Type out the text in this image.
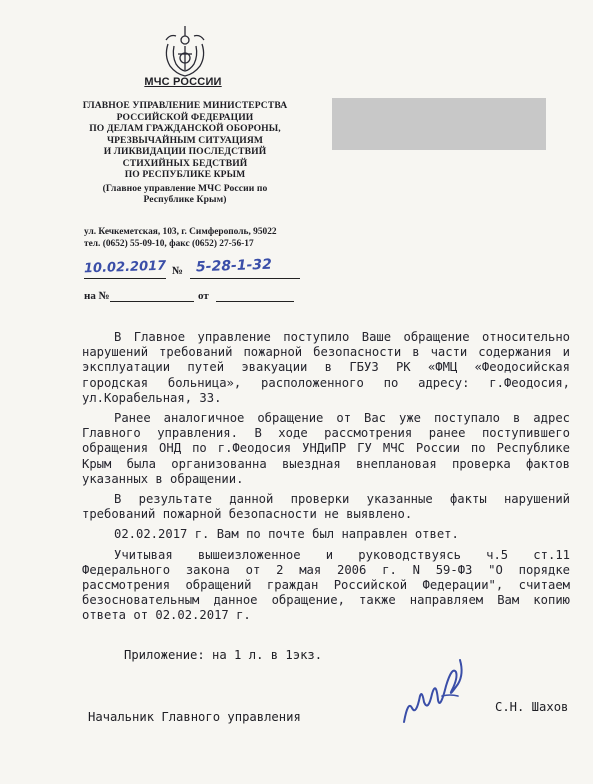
МЧС РОССИИ
ГЛАВНОЕ УПРАВЛЕНИЕ МИНИСТЕРСТВА
РОССИЙСКОЙ ФЕДЕРАЦИИ
ПО ДЕЛАМ ГРАЖДАНСКОЙ ОБОРОНЫ,
ЧРЕЗВЫЧАЙНЫМ СИТУАЦИЯМ
И ЛИКВИДАЦИИ ПОСЛЕДСТВИЙ
СТИХИЙНЫХ БЕДСТВИЙ
ПО РЕСПУБЛИКЕ КРЫМ
(Главное управление МЧС России по
Республике Крым)
ул. Кечкеметская, 103, г. Симферополь, 95022
тел. (0652) 55-09-10, факс (0652) 27-56-17
10.02.2017 № 5-28-1-32
на №	от

В Главное управление поступило Ваше обращение относительно нарушений требований пожарной безопасности в части содержания и эксплуатации путей эвакуации в ГБУЗ РК «ФМЦ «Феодосийская городская больница», расположенного по адресу: г.Феодосия, ул.Корабельная, 33.

Ранее аналогичное обращение от Вас уже поступало в адрес Главного управления. В ходе рассмотрения ранее поступившего обращения ОНД по г.Феодосия УНДиПР ГУ МЧС России по Республике Крым была организованна выездная внеплановая проверка фактов указанных в обращении.

В результате данной проверки указанные факты нарушений требований пожарной безопасности не выявлено.

02.02.2017 г. Вам по почте был направлен ответ.

Учитывая вышеизложенное и руководствуясь ч.5 ст.11 Федерального закона от 2 мая 2006 г. N 59-ФЗ "О порядке рассмотрения обращений граждан Российской Федерации", считаем безосновательным данное обращение, также направляем Вам копию ответа от 02.02.2017 г.

Приложение: на 1 л. в 1экз.
Начальник Главного управления
С.Н. Шахов
